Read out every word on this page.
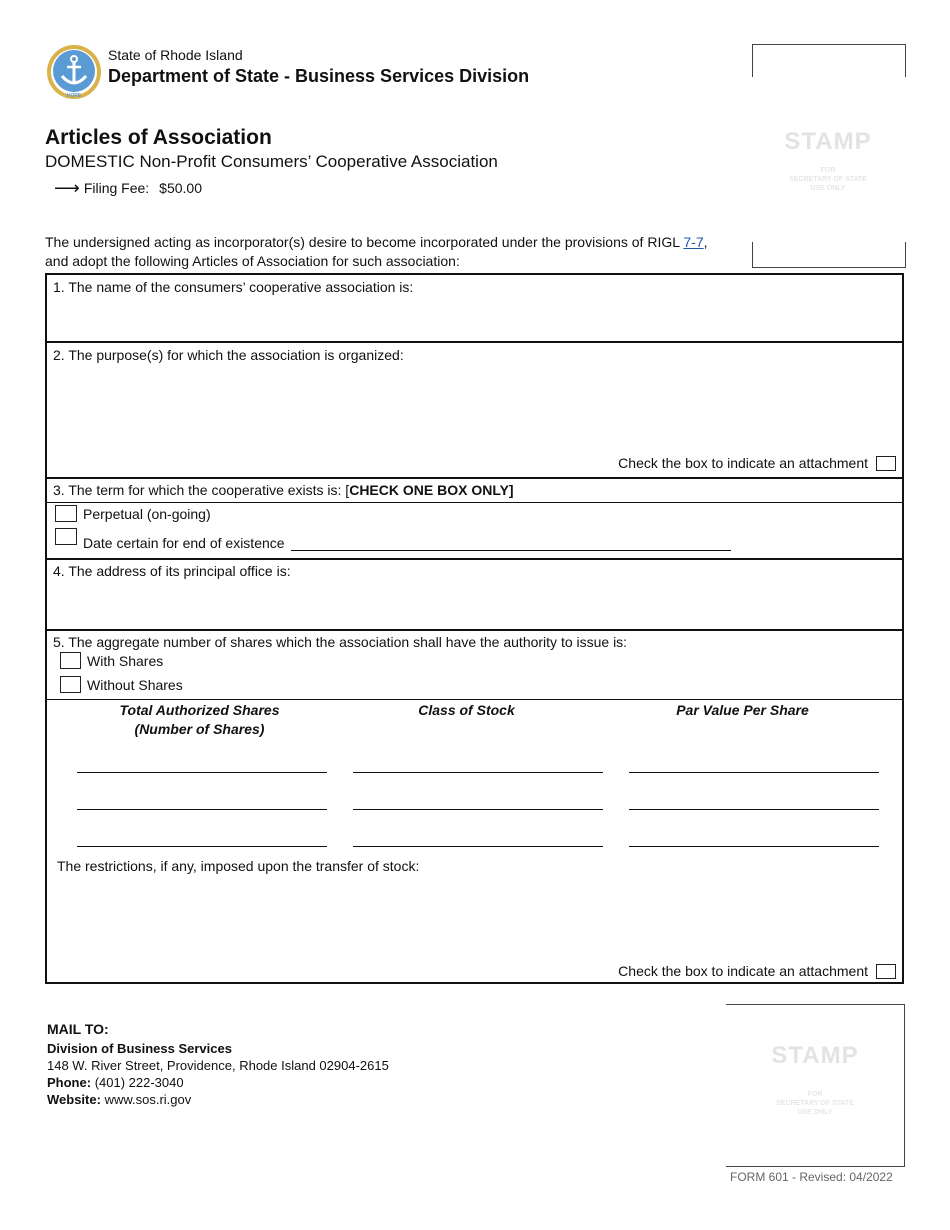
HOPE
State of Rhode Island
Department of State - Business Services Division
STAMP
FOR
SECRETARY OF STATE
USE ONLY
Articles of Association
DOMESTIC Non-Profit Consumers’ Cooperative Association
⟶ Filing Fee: $50.00
The undersigned acting as incorporator(s) desire to become incorporated under the provisions of RIGL 7-7, and adopt the following Articles of Association for such association:
1. The name of the consumers’ cooperative association is:
2. The purpose(s) for which the association is organized:
Check the box to indicate an attachment
3. The term for which the cooperative exists is: [CHECK ONE BOX ONLY]
Perpetual (on-going)
Date certain for end of existence
4. The address of its principal office is:
5. The aggregate number of shares which the association shall have the authority to issue is:
With Shares
Without Shares
Total Authorized Shares
(Number of Shares)
Class of Stock	Par Value Per Share
The restrictions, if any, imposed upon the transfer of stock:
Check the box to indicate an attachment
MAIL TO:
Division of Business Services
148 W. River Street, Providence, Rhode Island 02904-2615
Phone: (401) 222-3040
Website: www.sos.ri.gov
STAMP
FOR
SECRETARY OF STATE
USE ONLY
FORM 601 - Revised: 04/2022
